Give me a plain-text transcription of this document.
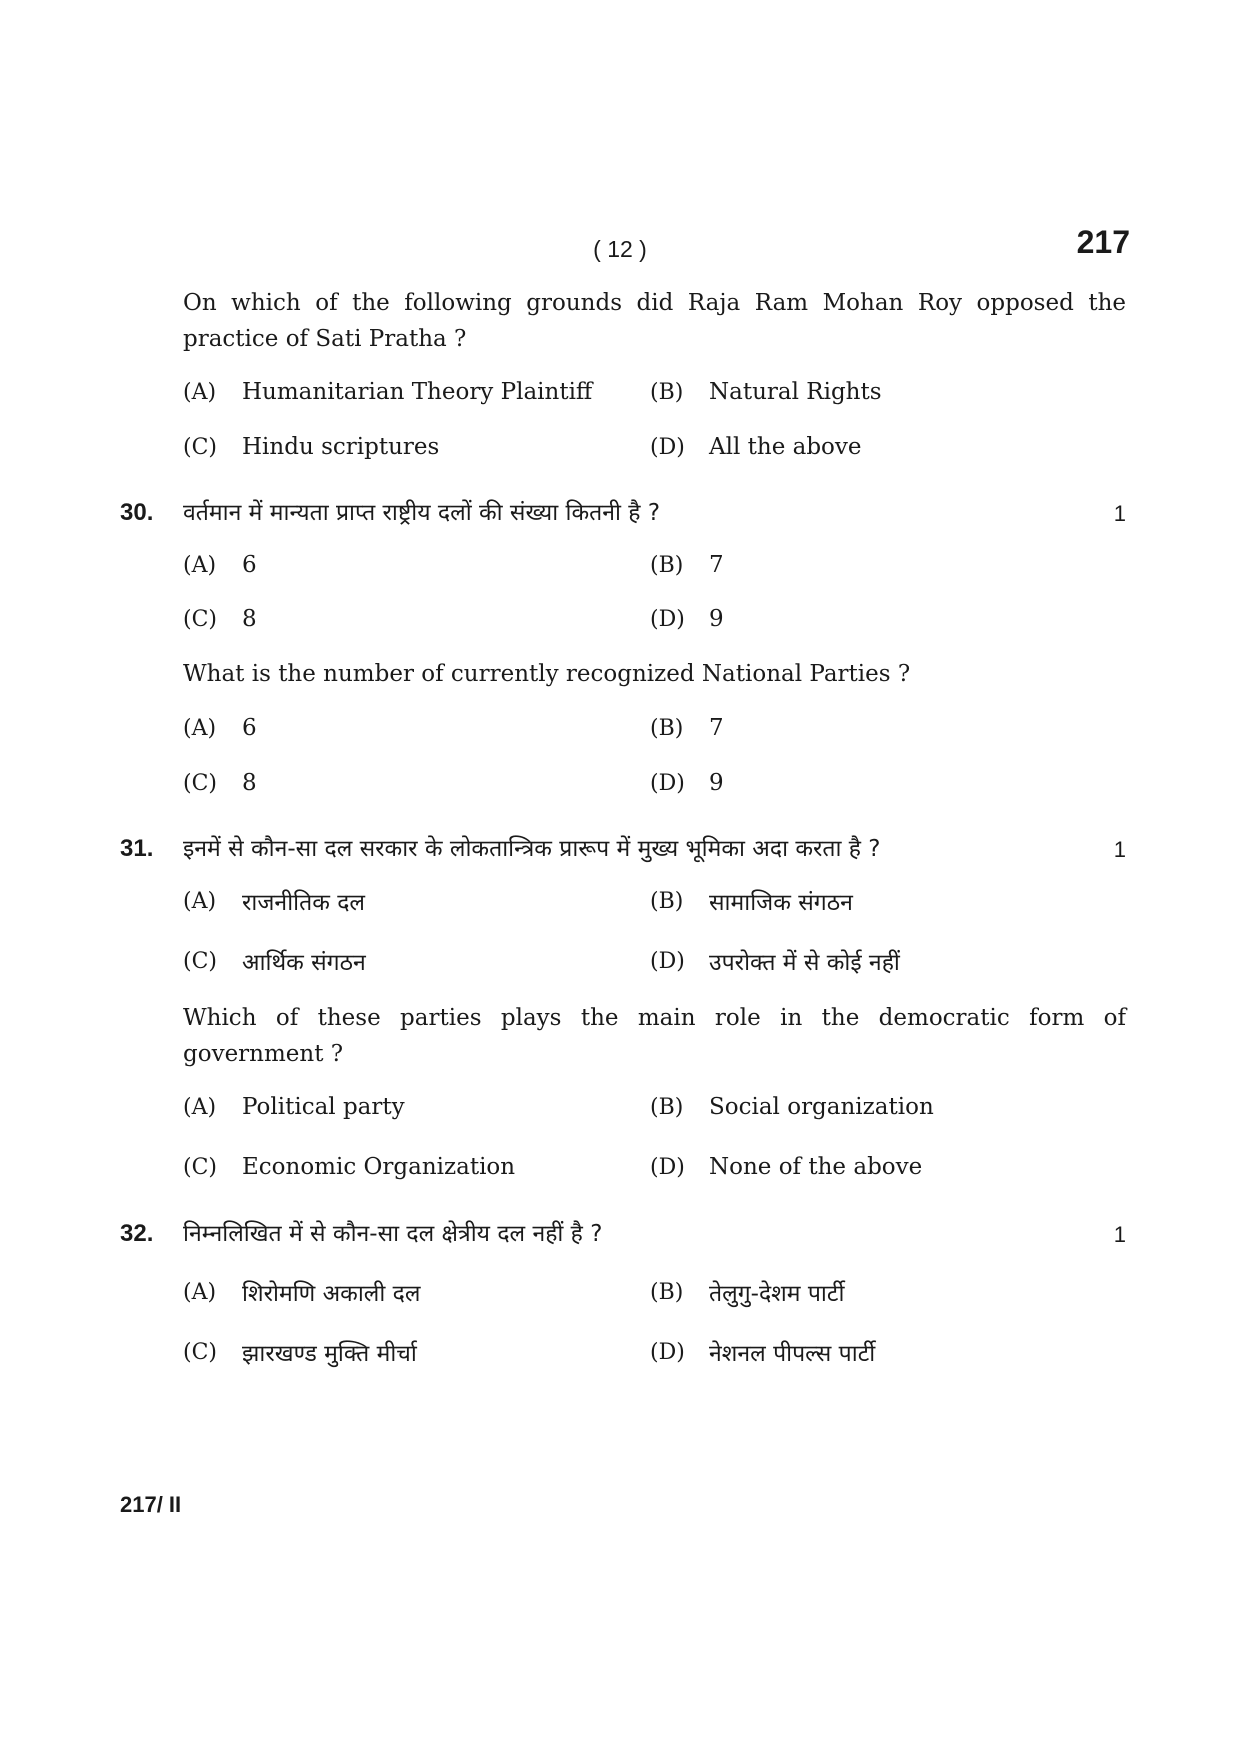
( 12 )	217
On which of the following grounds did Raja Ram Mohan Roy opposed the practice of Sati Pratha ?
(A) Humanitarian Theory Plaintiff	(B) Natural Rights
(C) Hindu scriptures	(D) All the above
30. वर्तमान में मान्यता प्राप्त राष्ट्रीय दलों की संख्या कितनी है ?	1
(A) 6	(B) 7
(C) 8	(D) 9
What is the number of currently recognized National Parties ?
(A) 6	(B) 7
(C) 8	(D) 9
31. इनमें से कौन-सा दल सरकार के लोकतान्त्रिक प्रारूप में मुख्य भूमिका अदा करता है ?	1
(A) राजनीतिक दल	(B) सामाजिक संगठन
(C) आर्थिक संगठन	(D) उपरोक्त में से कोई नहीं
Which of these parties plays the main role in the democratic form of government ?
(A) Political party	(B) Social organization
(C) Economic Organization	(D) None of the above
32. निम्नलिखित में से कौन-सा दल क्षेत्रीय दल नहीं है ?	1
(A) शिरोमणि अकाली दल	(B) तेलुगु-देशम पार्टी
(C) झारखण्ड मुक्ति मीर्चा	(D) नेशनल पीपल्स पार्टी
217/ II
